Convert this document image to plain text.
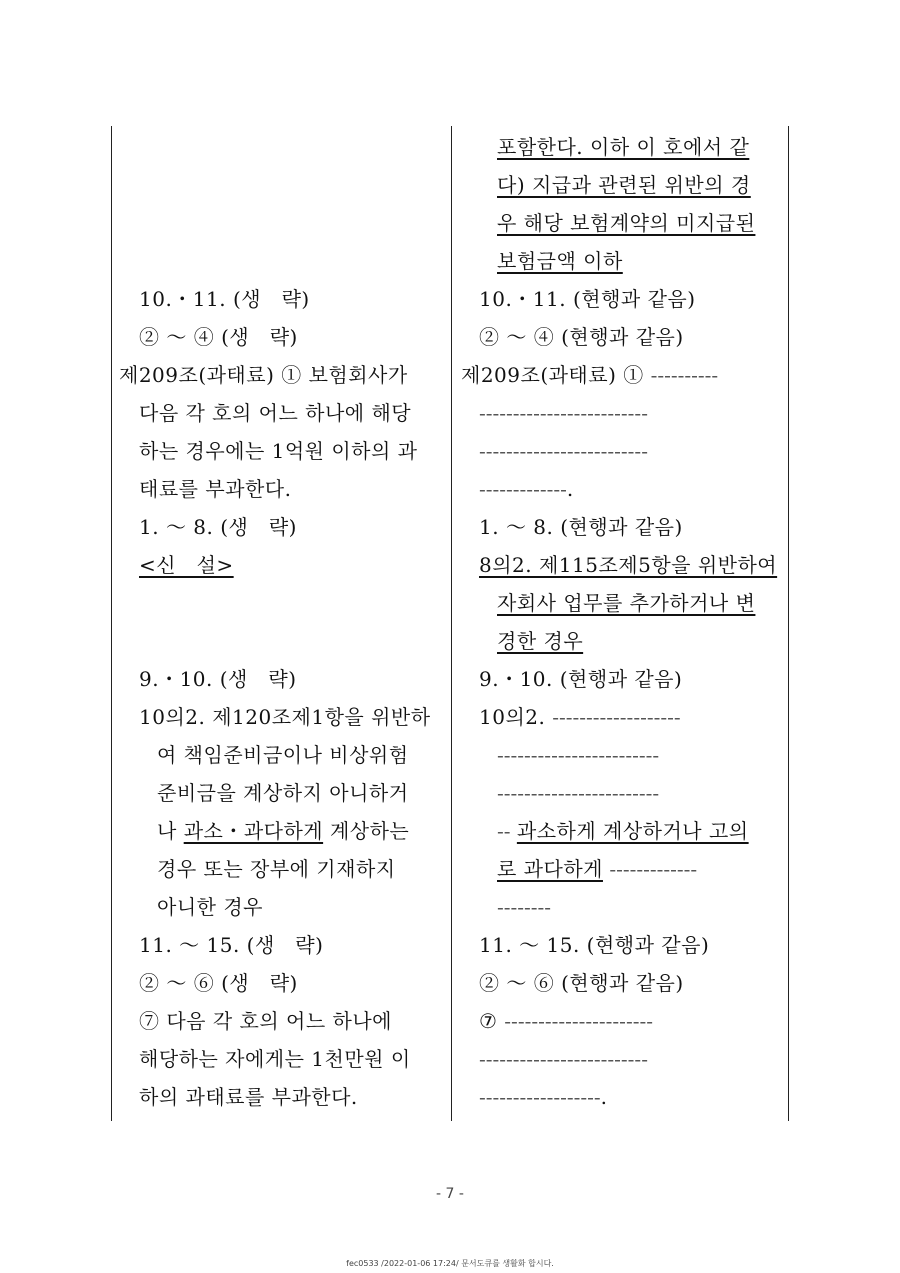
10.・11. (생　략)
② ～ ④ (생　략)
제209조(과태료) ① 보험회사가
다음 각 호의 어느 하나에 해당
하는 경우에는 1억원 이하의 과
태료를 부과한다.
1. ～ 8. (생　략)
<신　설>
9.・10. (생　략)
10의2. 제120조제1항을 위반하
여 책임준비금이나 비상위험
준비금을 계상하지 아니하거
나 과소・과다하게 계상하는
경우 또는 장부에 기재하지
아니한 경우
11. ～ 15. (생　략)
② ～ ⑥ (생　략)
⑦ 다음 각 호의 어느 하나에
해당하는 자에게는 1천만원 이
하의 과태료를 부과한다.
포함한다. 이하 이 호에서 같
다) 지급과 관련된 위반의 경
우 해당 보험계약의 미지급된
보험금액 이하
10.・11. (현행과 같음)
② ～ ④ (현행과 같음)
제209조(과태료) ① ----------
-------------------------
-------------------------
-------------.
1. ～ 8. (현행과 같음)
8의2. 제115조제5항을 위반하여
자회사 업무를 추가하거나 변
경한 경우
9.・10. (현행과 같음)
10의2. -------------------
------------------------
------------------------
-- 과소하게 계상하거나 고의
로 과다하게 -------------
--------
11. ～ 15. (현행과 같음)
② ～ ⑥ (현행과 같음)
⑦ ----------------------
-------------------------
------------------.
- 7 -
fec0533 /2022-01-06 17:24/ 문서도큐를 생활화 합시다.
